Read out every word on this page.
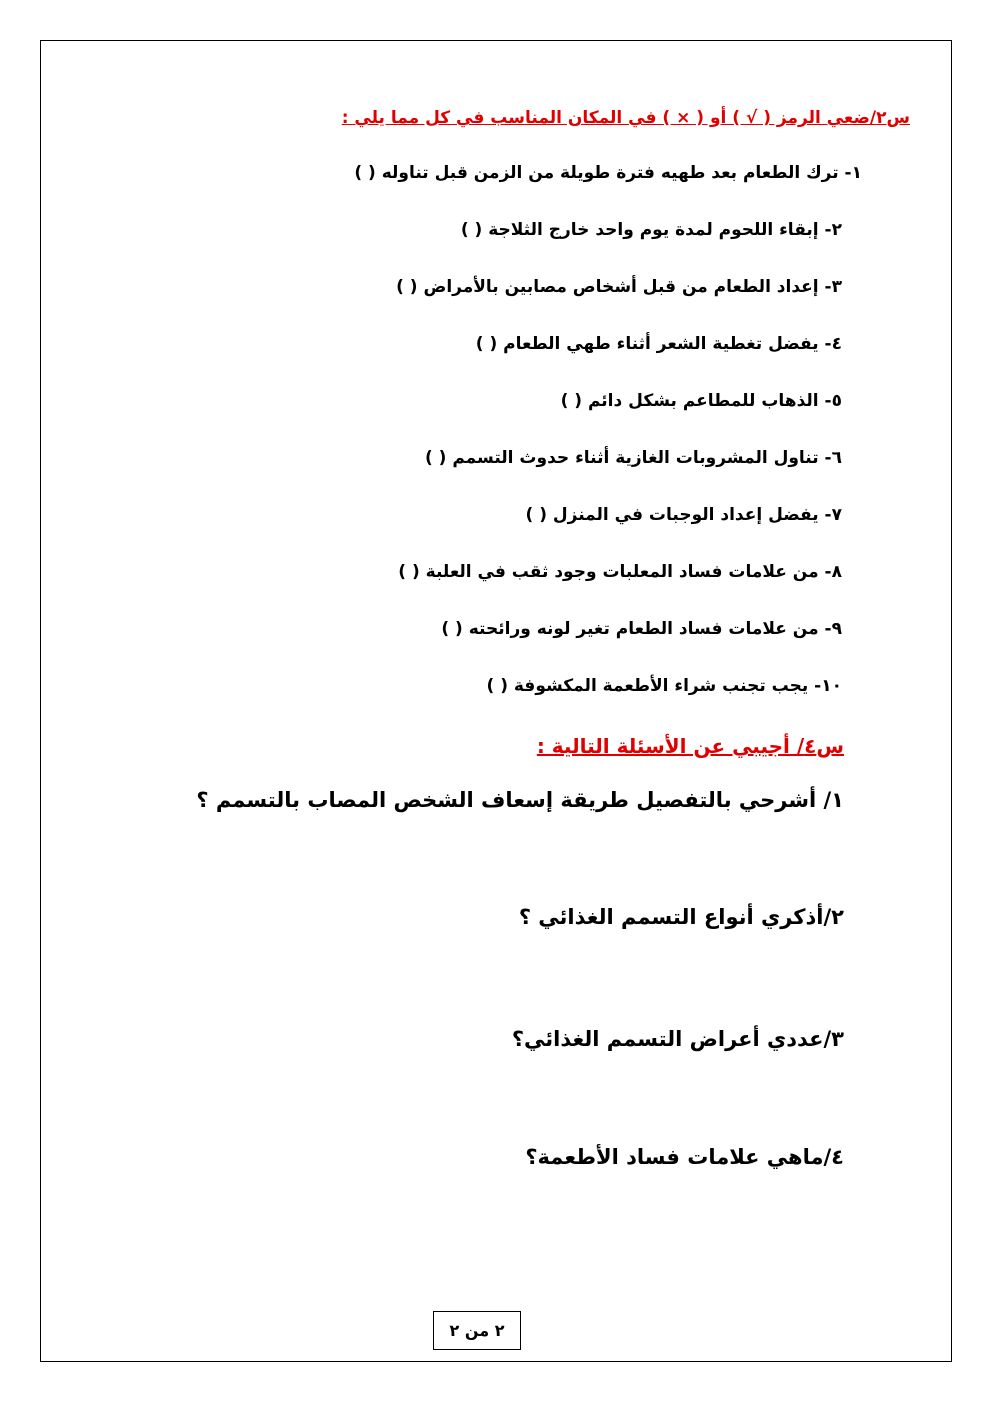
س٢/ضعي الرمز ( √ ) أو ( × ) في المكان المناسب في كل مما يلي :
١- ترك الطعام بعد طهيه فترة طويلة من الزمن قبل تناوله ( )
٢- إبقاء اللحوم لمدة يوم واحد خارج الثلاجة ( )
٣- إعداد الطعام من قبل أشخاص مصابين بالأمراض ( )
٤- يفضل تغطية الشعر أثناء طهي الطعام ( )
٥- الذهاب للمطاعم بشكل دائم ( )
٦- تناول المشروبات الغازية أثناء حدوث التسمم ( )
٧- يفضل إعداد الوجبات في المنزل ( )
٨- من علامات فساد المعلبات وجود ثقب في العلبة ( )
٩- من علامات فساد الطعام تغير لونه ورائحته ( )
١٠- يجب تجنب شراء الأطعمة المكشوفة ( )
س٤/ أجيبي عن الأسئلة التالية :
١/ أشرحي بالتفصيل طريقة إسعاف الشخص المصاب بالتسمم ؟
٢/أذكري أنواع التسمم الغذائي ؟
٣/عددي أعراض التسمم الغذائي؟
٤/ماهي علامات فساد الأطعمة؟
٢ من ٢
